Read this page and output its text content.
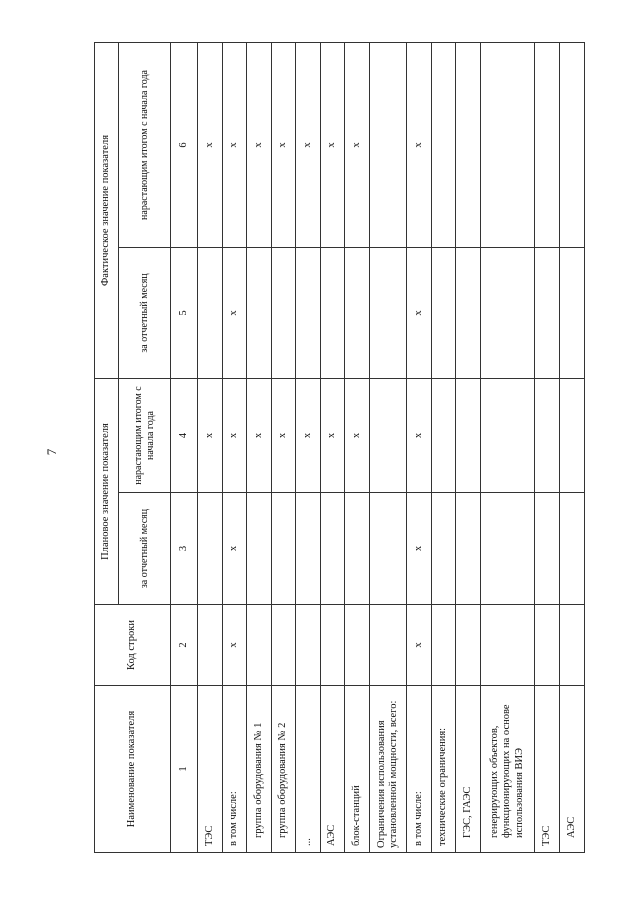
7
Наименование показателя	Код строки	Плановое значение показателя		Фактическое значение показателя	
		за отчетный месяц	нарастающим итогом с начала года	за отчетный месяц	нарастающим итогом с начала года
1	2	3	4	5	6
ТЭС			х		х
в том числе:	х	х	х	х	х
группа оборудования № 1			х		х
группа оборудования № 2			х		х
...			х		х
АЭС			х		х
блок-станций			х		х
Ограничения использования установленной мощности, всего:					
в том числе:	х	х	х	х	х
технические ограничения:					
ГЭС, ГАЭС					
генерирующих объектов, функционирующих на основе использования ВИЭ					
ТЭС					
АЭС					
